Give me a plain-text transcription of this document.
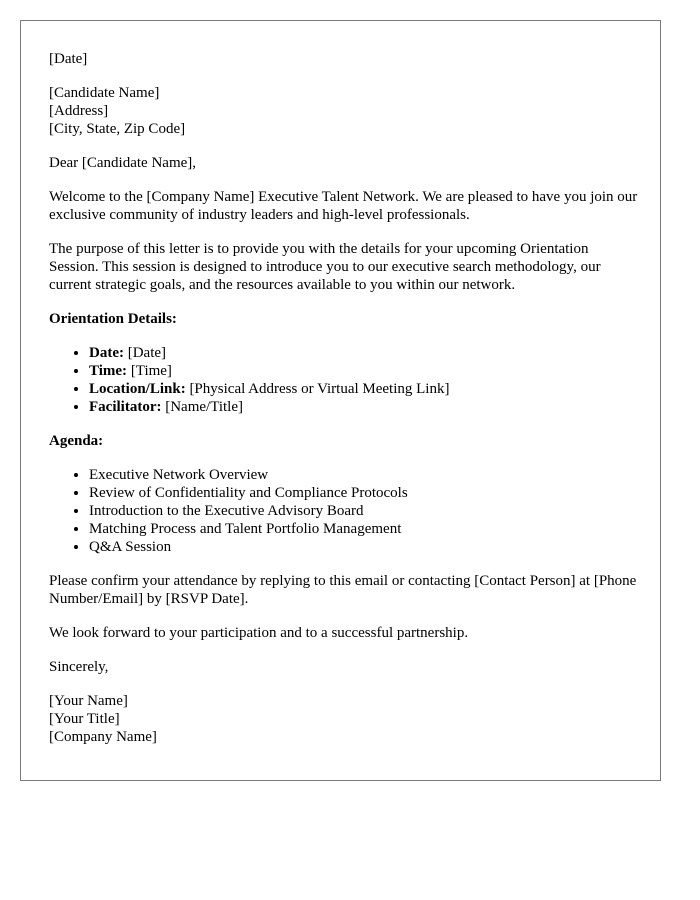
[Date]

[Candidate Name]
[Address]
[City, State, Zip Code]

Dear [Candidate Name],

Welcome to the [Company Name] Executive Talent Network. We are pleased to have you join our exclusive community of industry leaders and high-level professionals.

The purpose of this letter is to provide you with the details for your upcoming Orientation Session. This session is designed to introduce you to our executive search methodology, our current strategic goals, and the resources available to you within our network.

Orientation Details:

• Date: [Date]
• Time: [Time]
• Location/Link: [Physical Address or Virtual Meeting Link]
• Facilitator: [Name/Title]

Agenda:

• Executive Network Overview
• Review of Confidentiality and Compliance Protocols
• Introduction to the Executive Advisory Board
• Matching Process and Talent Portfolio Management
• Q&A Session

Please confirm your attendance by replying to this email or contacting [Contact Person] at [Phone Number/Email] by [RSVP Date].

We look forward to your participation and to a successful partnership.

Sincerely,

[Your Name]
[Your Title]
[Company Name]
